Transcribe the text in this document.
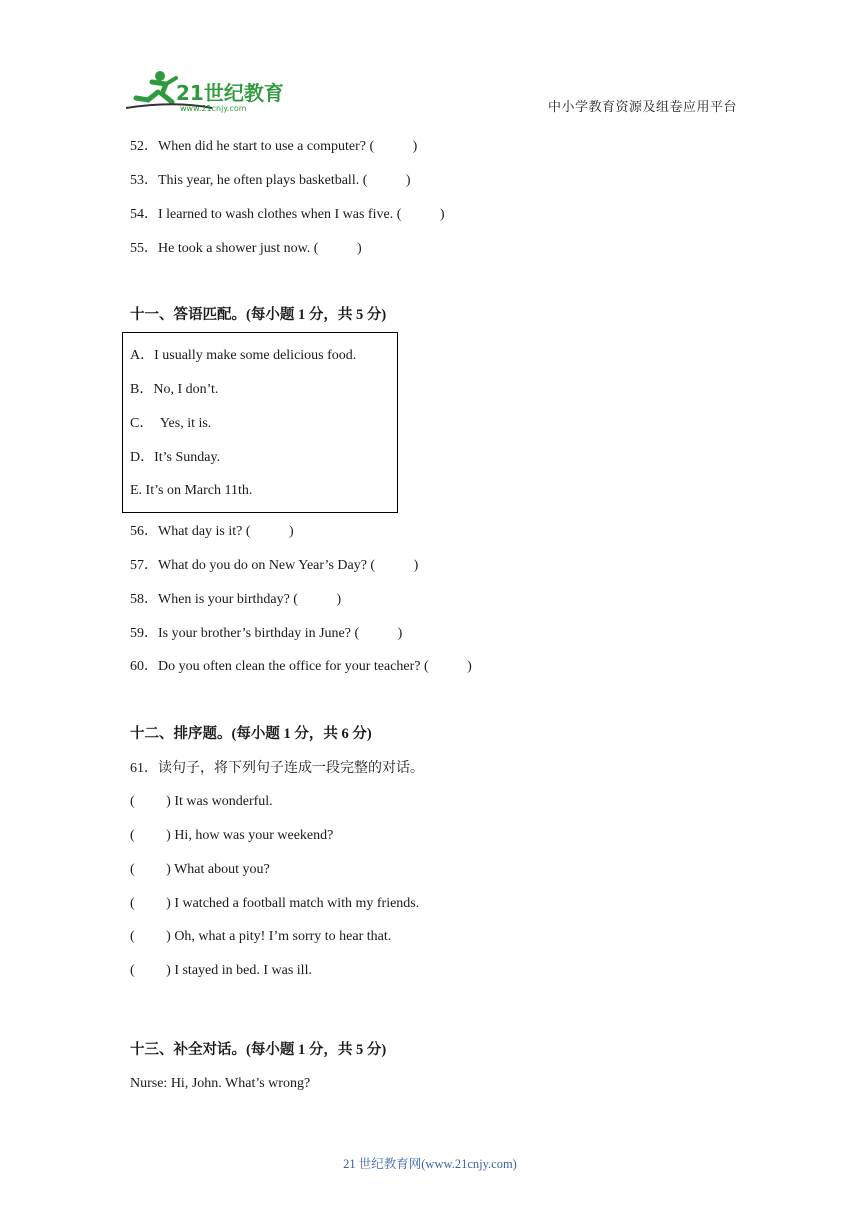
21世纪教育
www.21cnjy.com	中小学教育资源及组卷应用平台
52．When did he start to use a computer? (           )
53．This year, he often plays basketball. (           )
54．I learned to wash clothes when I was five. (           )
55．He took a shower just now. (           )
十一、答语匹配。(每小题 1 分，共 5 分)
A．I usually make some delicious food.
B．No, I don’t.
C．  Yes, it is.
D．It’s Sunday.
E. It’s on March 11th.
56．What day is it? (           )
57．What do you do on New Year’s Day? (           )
58．When is your birthday? (           )
59．Is your brother’s birthday in June? (           )
60．Do you often clean the office for your teacher? (           )
十二、排序题。(每小题 1 分，共 6 分)
61．读句子，将下列句子连成一段完整的对话。
(         ) It was wonderful.
(         ) Hi, how was your weekend?
(         ) What about you?
(         ) I watched a football match with my friends.
(         ) Oh, what a pity! I’m sorry to hear that.
(         ) I stayed in bed. I was ill.
十三、补全对话。(每小题 1 分，共 5 分)
Nurse: Hi, John. What’s wrong?
21 世纪教育网(www.21cnjy.com)
